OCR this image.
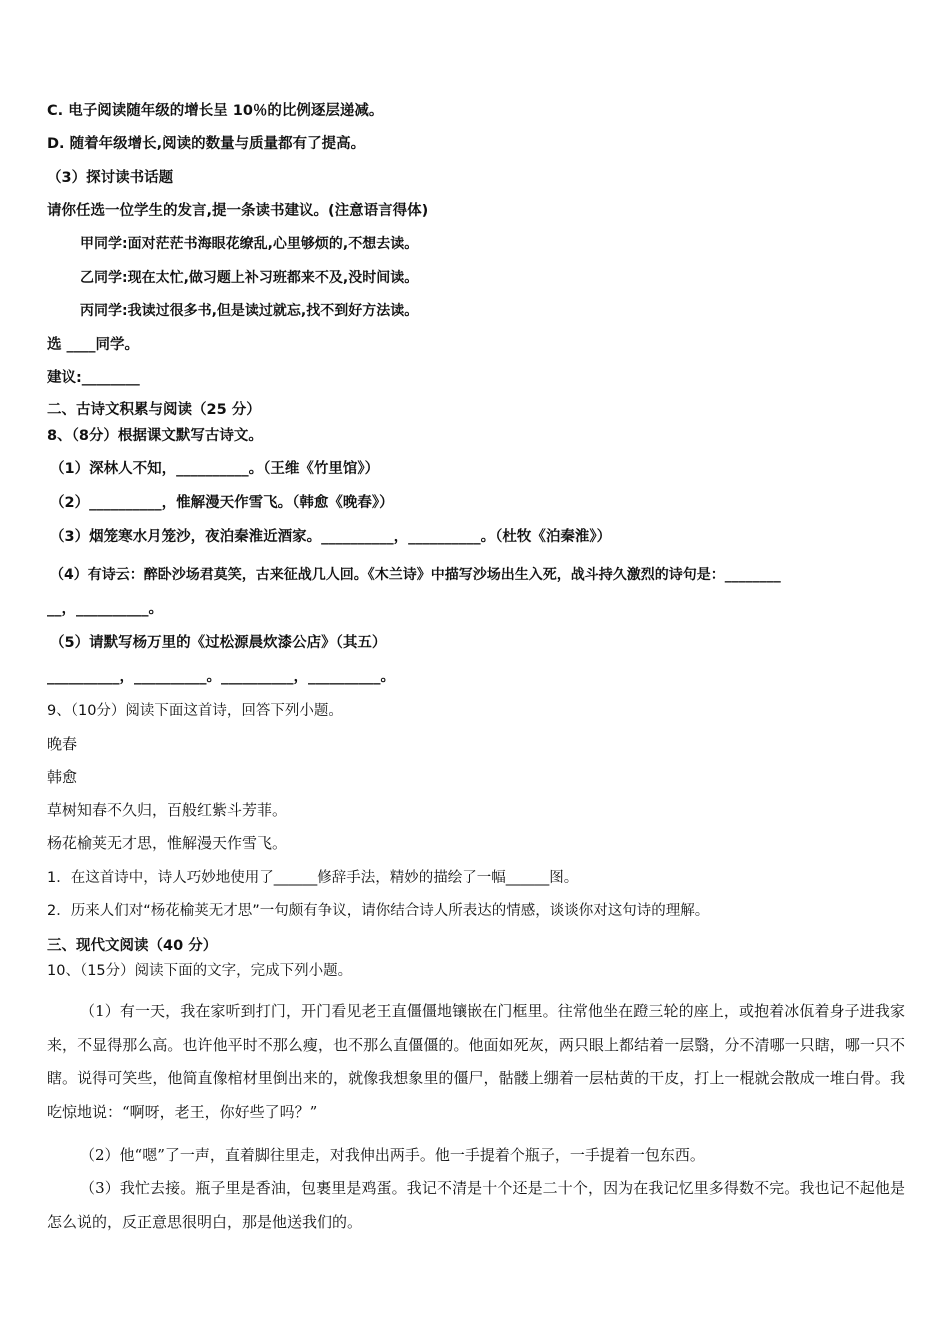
C. 电子阅读随年级的增长呈 10％的比例逐层递减。
D. 随着年级增长,阅读的数量与质量都有了提高。
（3）探讨读书话题
请你任选一位学生的发言,提一条读书建议。(注意语言得体)
甲同学:面对茫茫书海眼花缭乱,心里够烦的,不想去读。
乙同学:现在太忙,做习题上补习班都来不及,没时间读。
丙同学:我读过很多书,但是读过就忘,找不到好方法读。
选 ____同学。
建议:________
二、古诗文积累与阅读（25 分）
8、（8分）根据课文默写古诗文。
（1）深林人不知，__________。（王维《竹里馆》）
（2）__________，惟解漫天作雪飞。（韩愈《晚春》）
（3）烟笼寒水月笼沙，夜泊秦淮近酒家。__________，__________。（杜牧《泊秦淮》）
（4）有诗云：醉卧沙场君莫笑，古来征战几人回。《木兰诗》中描写沙场出生入死，战斗持久激烈的诗句是：________
__，__________。
（5）请默写杨万里的《过松源晨炊漆公店》（其五）
__________，__________。__________，__________。
9、（10分）阅读下面这首诗，回答下列小题。
晚春
韩愈
草树知春不久归，百般红紫斗芳菲。
杨花榆荚无才思，惟解漫天作雪飞。
1．在这首诗中，诗人巧妙地使用了______修辞手法，精妙的描绘了一幅______图。
2．历来人们对“杨花榆荚无才思”一句颇有争议，请你结合诗人所表达的情感，谈谈你对这句诗的理解。
三、现代文阅读（40 分）
10、（15分）阅读下面的文字，完成下列小题。
（1）有一天，我在家听到打门，开门看见老王直僵僵地镶嵌在门框里。往常他坐在蹬三轮的座上，或抱着冰佤着身子进我家来，不显得那么高。也许他平时不那么瘦，也不那么直僵僵的。他面如死灰，两只眼上都结着一层翳，分不清哪一只瞎，哪一只不瞎。说得可笑些，他简直像棺材里倒出来的，就像我想象里的僵尸，骷髅上绷着一层枯黄的干皮，打上一棍就会散成一堆白骨。我吃惊地说：“啊呀，老王，你好些了吗？”
（2）他“嗯”了一声，直着脚往里走，对我伸出两手。他一手提着个瓶子，一手提着一包东西。
（3）我忙去接。瓶子里是香油，包裹里是鸡蛋。我记不清是十个还是二十个，因为在我记忆里多得数不完。我也记不起他是怎么说的，反正意思很明白，那是他送我们的。
